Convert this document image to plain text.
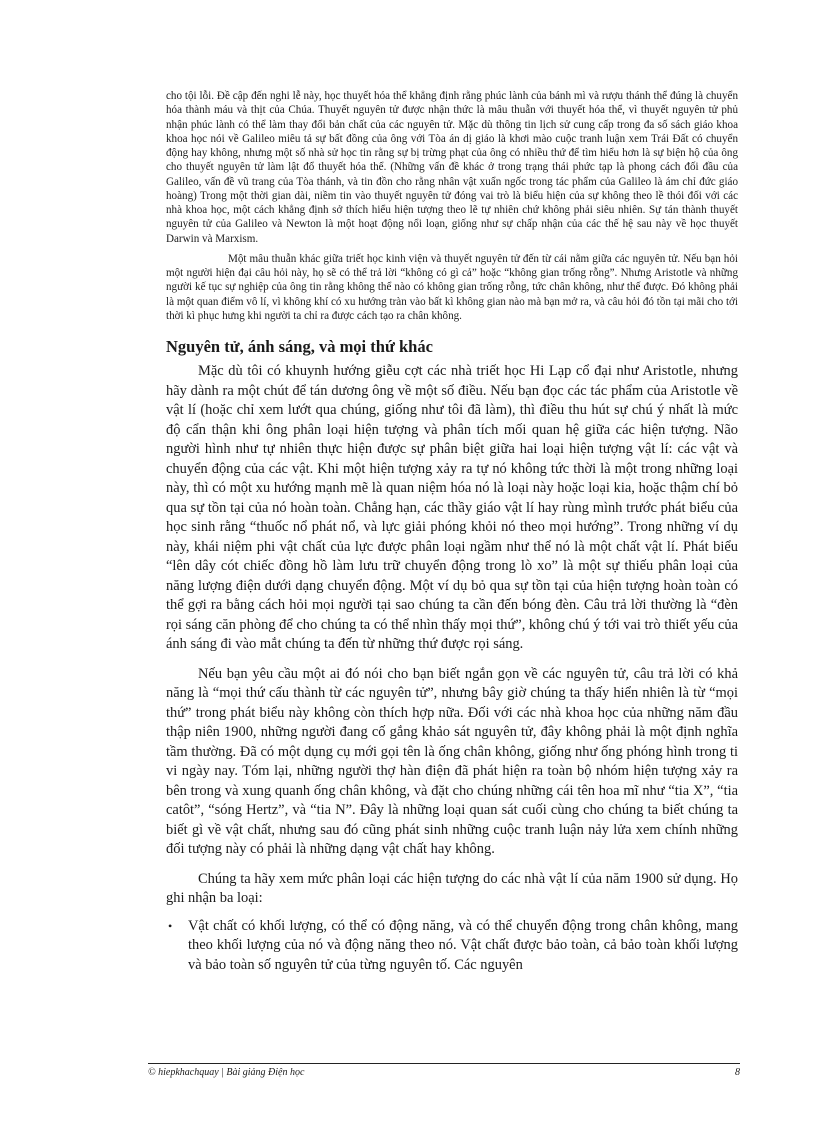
cho tội lỗi. Đề cập đến nghi lễ này, học thuyết hóa thể khẳng định rằng phúc lành của bánh mì và rượu thánh thể đúng là chuyển hóa thành máu và thịt của Chúa. Thuyết nguyên tử được nhận thức là mâu thuẫn với thuyết hóa thể, vì thuyết nguyên tử phủ nhận phúc lành có thể làm thay đổi bản chất của các nguyên tử. Mặc dù thông tin lịch sử cung cấp trong đa số sách giáo khoa khoa học nói về Galileo miêu tả sự bất đồng của ông với Tòa án dị giáo là khơi mào cuộc tranh luận xem Trái Đất có chuyển động hay không, nhưng một số nhà sử học tin rằng sự bị trừng phạt của ông có nhiều thứ để tìm hiểu hơn là sự biện hộ của ông cho thuyết nguyên tử làm lật đổ thuyết hóa thể. (Những vấn đề khác ở trong trạng thái phức tạp là phong cách đối đầu của Galileo, vấn đề vũ trang của Tòa thánh, và tin đồn cho rằng nhân vật xuẩn ngốc trong tác phẩm của Galileo là ám chỉ đức giáo hoàng) Trong một thời gian dài, niềm tin vào thuyết nguyên tử đóng vai trò là biểu hiện của sự không theo lề thói đối với các nhà khoa học, một cách khẳng định sở thích hiểu hiện tượng theo lẽ tự nhiên chứ không phải siêu nhiên. Sự tán thành thuyết nguyên tử của Galileo và Newton là một hoạt động nổi loạn, giống như sự chấp nhận của các thế hệ sau này về học thuyết Darwin và Marxism.

Một mâu thuẫn khác giữa triết học kinh viện và thuyết nguyên tử đến từ cái nằm giữa các nguyên tử. Nếu bạn hỏi một người hiện đại câu hỏi này, họ sẽ có thể trả lời “không có gì cả” hoặc “không gian trống rỗng”. Nhưng Aristotle và những người kế tục sự nghiệp của ông tin rằng không thể nào có không gian trống rỗng, tức chân không, như thế được. Đó không phải là một quan điểm vô lí, vì không khí có xu hướng tràn vào bất kì không gian nào mà bạn mở ra, và câu hỏi đó tồn tại mãi cho tới thời kì phục hưng khi người ta chỉ ra được cách tạo ra chân không.

Nguyên tử, ánh sáng, và mọi thứ khác

Mặc dù tôi có khuynh hướng giễu cợt các nhà triết học Hi Lạp cổ đại như Aristotle, nhưng hãy dành ra một chút để tán dương ông về một số điều. Nếu bạn đọc các tác phẩm của Aristotle về vật lí (hoặc chỉ xem lướt qua chúng, giống như tôi đã làm), thì điều thu hút sự chú ý nhất là mức độ cẩn thận khi ông phân loại hiện tượng và phân tích mối quan hệ giữa các hiện tượng. Não người hình như tự nhiên thực hiện được sự phân biệt giữa hai loại hiện tượng vật lí: các vật và chuyển động của các vật. Khi một hiện tượng xảy ra tự nó không tức thời là một trong những loại này, thì có một xu hướng mạnh mẽ là quan niệm hóa nó là loại này hoặc loại kia, hoặc thậm chí bỏ qua sự tồn tại của nó hoàn toàn. Chẳng hạn, các thầy giáo vật lí hay rùng mình trước phát biểu của học sinh rằng “thuốc nổ phát nổ, và lực giải phóng khỏi nó theo mọi hướng”. Trong những ví dụ này, khái niệm phi vật chất của lực được phân loại ngầm như thể nó là một chất vật lí. Phát biểu “lên dây cót chiếc đồng hồ làm lưu trữ chuyển động trong lò xo” là một sự thiếu phân loại của năng lượng điện dưới dạng chuyển động. Một ví dụ bỏ qua sự tồn tại của hiện tượng hoàn toàn có thể gợi ra bằng cách hỏi mọi người tại sao chúng ta cần đến bóng đèn. Câu trả lời thường là “đèn rọi sáng căn phòng để cho chúng ta có thể nhìn thấy mọi thứ”, không chú ý tới vai trò thiết yếu của ánh sáng đi vào mắt chúng ta đến từ những thứ được rọi sáng.

Nếu bạn yêu cầu một ai đó nói cho bạn biết ngắn gọn về các nguyên tử, câu trả lời có khả năng là “mọi thứ cấu thành từ các nguyên tử”, nhưng bây giờ chúng ta thấy hiển nhiên là từ “mọi thứ” trong phát biểu này không còn thích hợp nữa. Đối với các nhà khoa học của những năm đầu thập niên 1900, những người đang cố gắng khảo sát nguyên tử, đây không phải là một định nghĩa tầm thường. Đã có một dụng cụ mới gọi tên là ống chân không, giống như ống phóng hình trong ti vi ngày nay. Tóm lại, những người thợ hàn điện đã phát hiện ra toàn bộ nhóm hiện tượng xảy ra bên trong và xung quanh ống chân không, và đặt cho chúng những cái tên hoa mĩ như “tia X”, “tia catôt”, “sóng Hertz”, và “tia N”. Đây là những loại quan sát cuối cùng cho chúng ta biết chúng ta biết gì về vật chất, nhưng sau đó cũng phát sinh những cuộc tranh luận nảy lửa xem chính những đối tượng này có phải là những dạng vật chất hay không.

Chúng ta hãy xem mức phân loại các hiện tượng do các nhà vật lí của năm 1900 sử dụng. Họ ghi nhận ba loại:

• Vật chất có khối lượng, có thể có động năng, và có thể chuyển động trong chân không, mang theo khối lượng của nó và động năng theo nó. Vật chất được bảo toàn, cả bảo toàn khối lượng và bảo toàn số nguyên tử của từng nguyên tố. Các nguyên
© hiepkhachquay | Bài giảng Điện học	8
